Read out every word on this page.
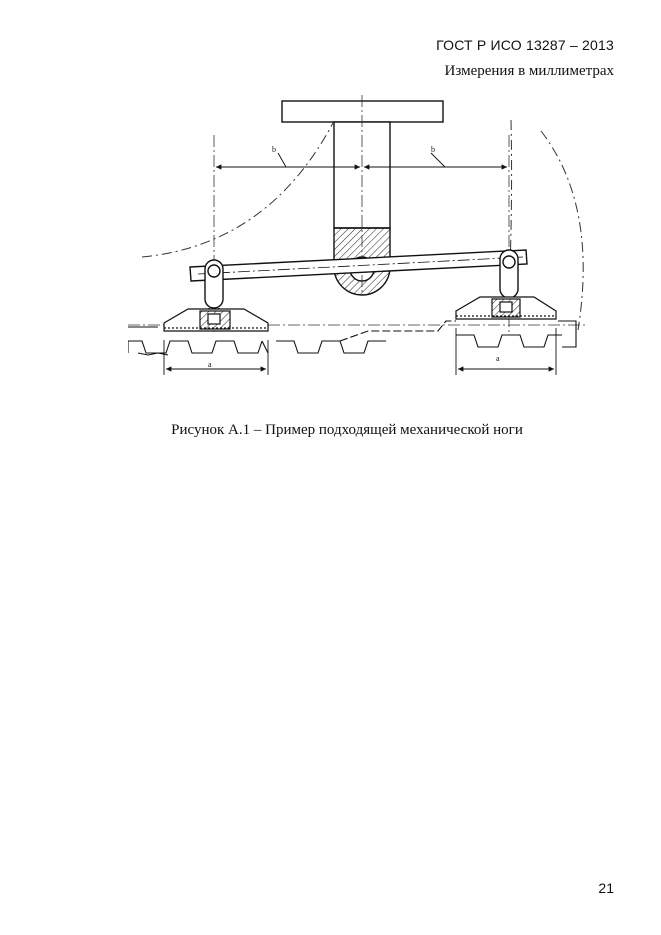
ГОСТ Р ИСО 13287 – 2013
Измерения в миллиметрах
b	b
a
a
Рисунок А.1 – Пример подходящей механической ноги
21
